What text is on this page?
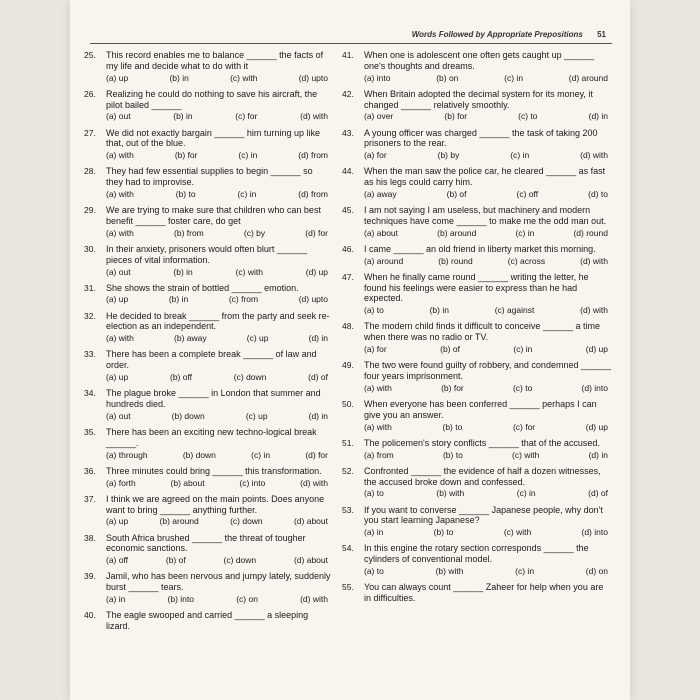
Words Followed by Appropriate Prepositions 51
25. This record enables me to balance ______ the facts of my life and decide what to do with it
(a) up	(b) in	(c) with	(d) upto
26. Realizing he could do nothing to save his aircraft, the pilot bailed ______
(a) out	(b) in	(c) for	(d) with
27. We did not exactly bargain ______ him turning up like that, out of the blue.
(a) with	(b) for	(c) in	(d) from
28. They had few essential supplies to begin ______ so they had to improvise.
(a) with	(b) to	(c) in	(d) from
29. We are trying to make sure that children who can best benefit ______ foster care, do get
(a) with	(b) from	(c) by	(d) for
30. In their anxiety, prisoners would often blurt ______ pieces of vital information.
(a) out	(b) in	(c) with	(d) up
31. She shows the strain of bottled ______ emotion.
(a) up	(b) in	(c) from	(d) upto
32. He decided to break ______ from the party and seek re-election as an independent.
(a) with	(b) away	(c) up	(d) in
33. There has been a complete break ______ of law and order.
(a) up	(b) off	(c) down	(d) of
34. The plague broke ______ in London that summer and hundreds died.
(a) out	(b) down	(c) up	(d) in
35. There has been an exciting new techno-logical break ______.
(a) through	(b) down	(c) in	(d) for
36. Three minutes could bring ______ this transformation.
(a) forth	(b) about	(c) into	(d) with
37. I think we are agreed on the main points. Does anyone want to bring ______ anything further.
(a) up	(b) around	(c) down	(d) about
38. South Africa brushed ______ the threat of tougher economic sanctions.
(a) off	(b) of	(c) down	(d) about
39. Jamil, who has been nervous and jumpy lately, suddenly burst ______ tears.
(a) in	(b) into	(c) on	(d) with
40. The eagle swooped and carried ______ a sleeping lizard.
41. When one is adolescent one often gets caught up ______ one's thoughts and dreams.
(a) into	(b) on	(c) in	(d) around
42. When Britain adopted the decimal system for its money, it changed ______ relatively smoothly.
(a) over	(b) for	(c) to	(d) in
43. A young officer was charged ______ the task of taking 200 prisoners to the rear.
(a) for	(b) by	(c) in	(d) with
44. When the man saw the police car, he cleared ______ as fast as his legs could carry him.
(a) away	(b) of	(c) off	(d) to
45. I am not saying I am useless, but machinery and modern techniques have come ______ to make me the odd man out.
(a) about	(b) around	(c) in	(d) round
46. I came ______ an old friend in liberty market this morning.
(a) around	(b) round	(c) across	(d) with
47. When he finally came round ______ writing the letter, he found his feelings were easier to express than he had expected.
(a) to	(b) in	(c) against	(d) with
48. The modern child finds it difficult to conceive ______ a time when there was no radio or TV.
(a) for	(b) of	(c) in	(d) up
49. The two were found guilty of robbery, and condemned ______ four years imprisonment.
(a) with	(b) for	(c) to	(d) into
50. When everyone has been conferred ______ perhaps I can give you an answer.
(a) with	(b) to	(c) for	(d) up
51. The policemen's story conflicts ______ that of the accused.
(a) from	(b) to	(c) with	(d) in
52. Confronted ______ the evidence of half a dozen witnesses, the accused broke down and confessed.
(a) to	(b) with	(c) in	(d) of
53. If you want to converse ______ Japanese people, why don't you start learning Japanese?
(a) in	(b) to	(c) with	(d) into
54. In this engine the rotary section corresponds ______ the cylinders of conventional model.
(a) to	(b) with	(c) in	(d) on
55. You can always count ______ Zaheer for help when you are in difficulties.
